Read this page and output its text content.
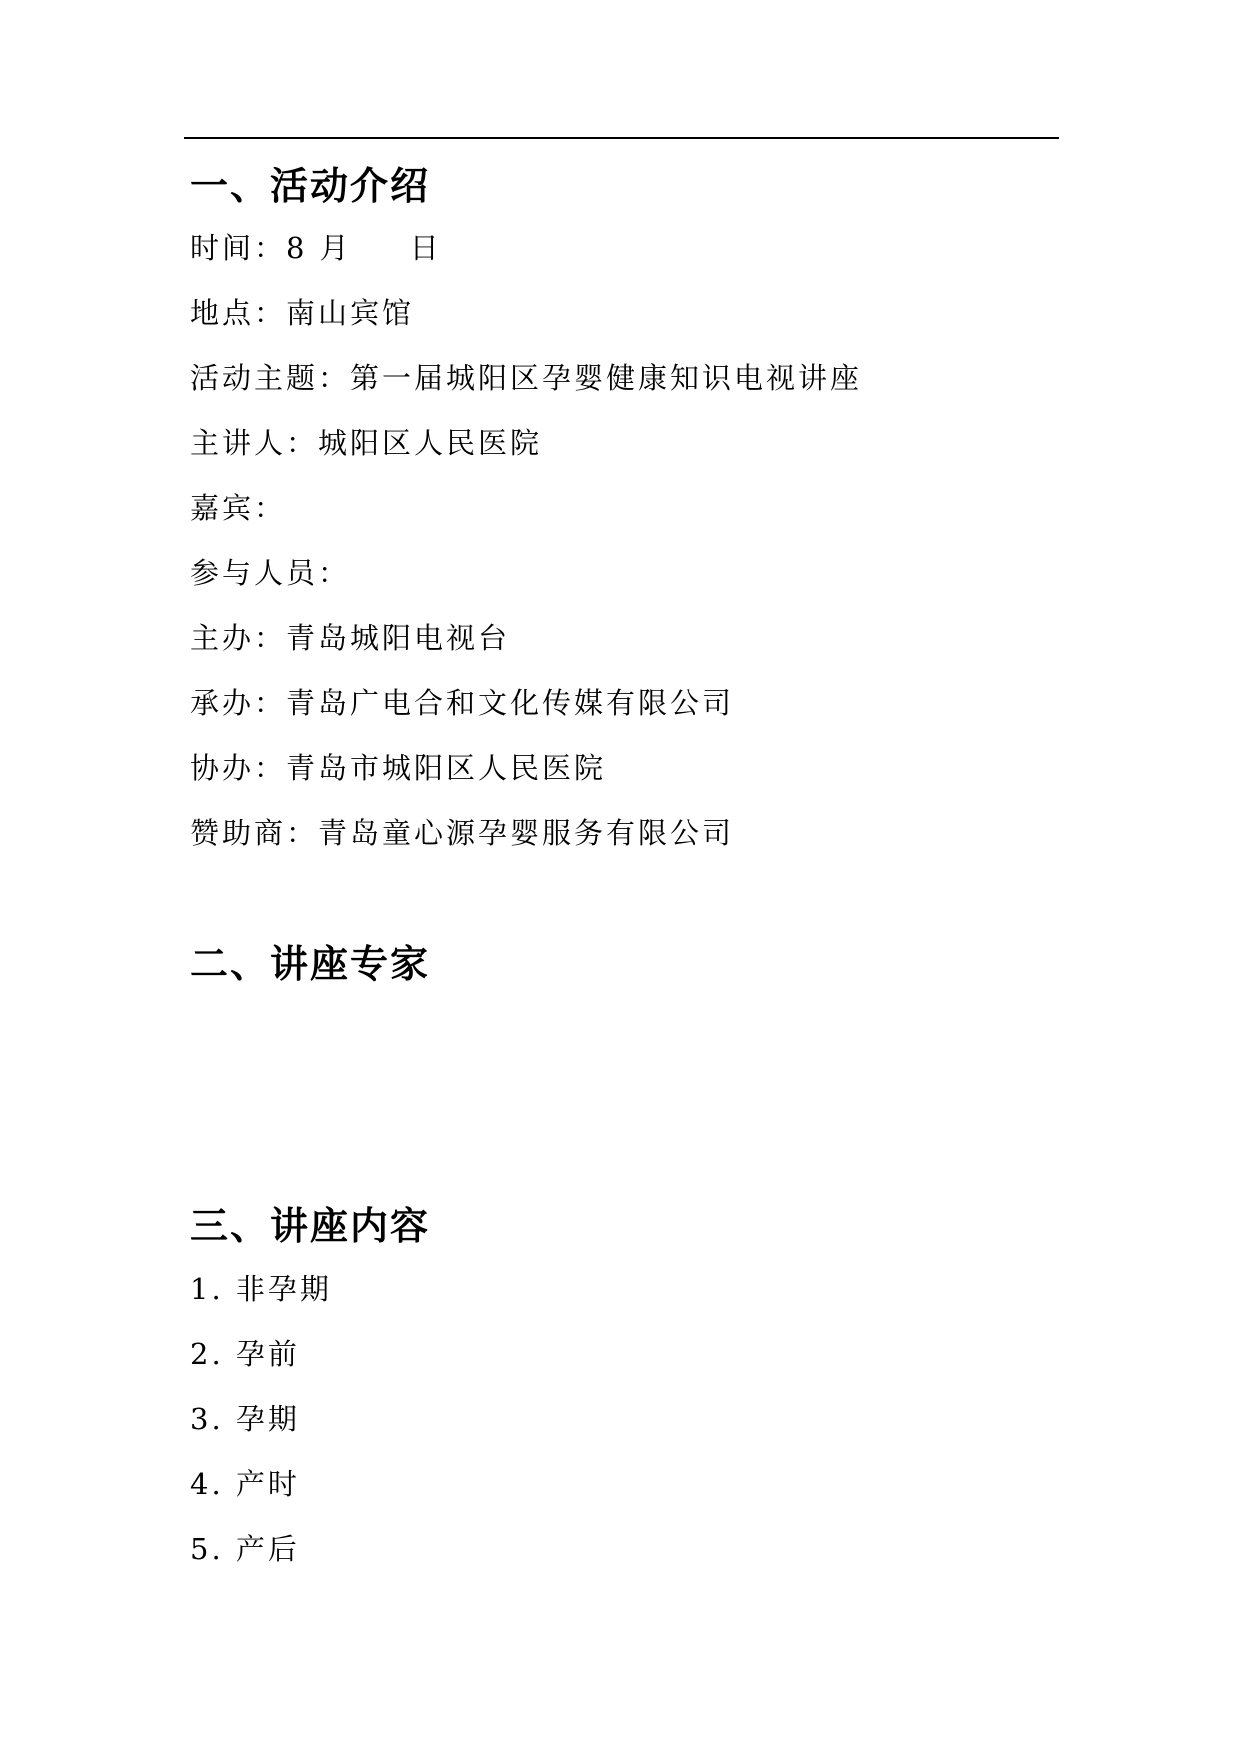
一、活动介绍
时间：8 月 日
地点：南山宾馆
活动主题：第一届城阳区孕婴健康知识电视讲座
主讲人：城阳区人民医院
嘉宾：
参与人员：
主办：青岛城阳电视台
承办：青岛广电合和文化传媒有限公司
协办：青岛市城阳区人民医院
赞助商：青岛童心源孕婴服务有限公司
二、讲座专家
三、讲座内容
1. 非孕期
2. 孕前
3. 孕期
4. 产时
5. 产后
